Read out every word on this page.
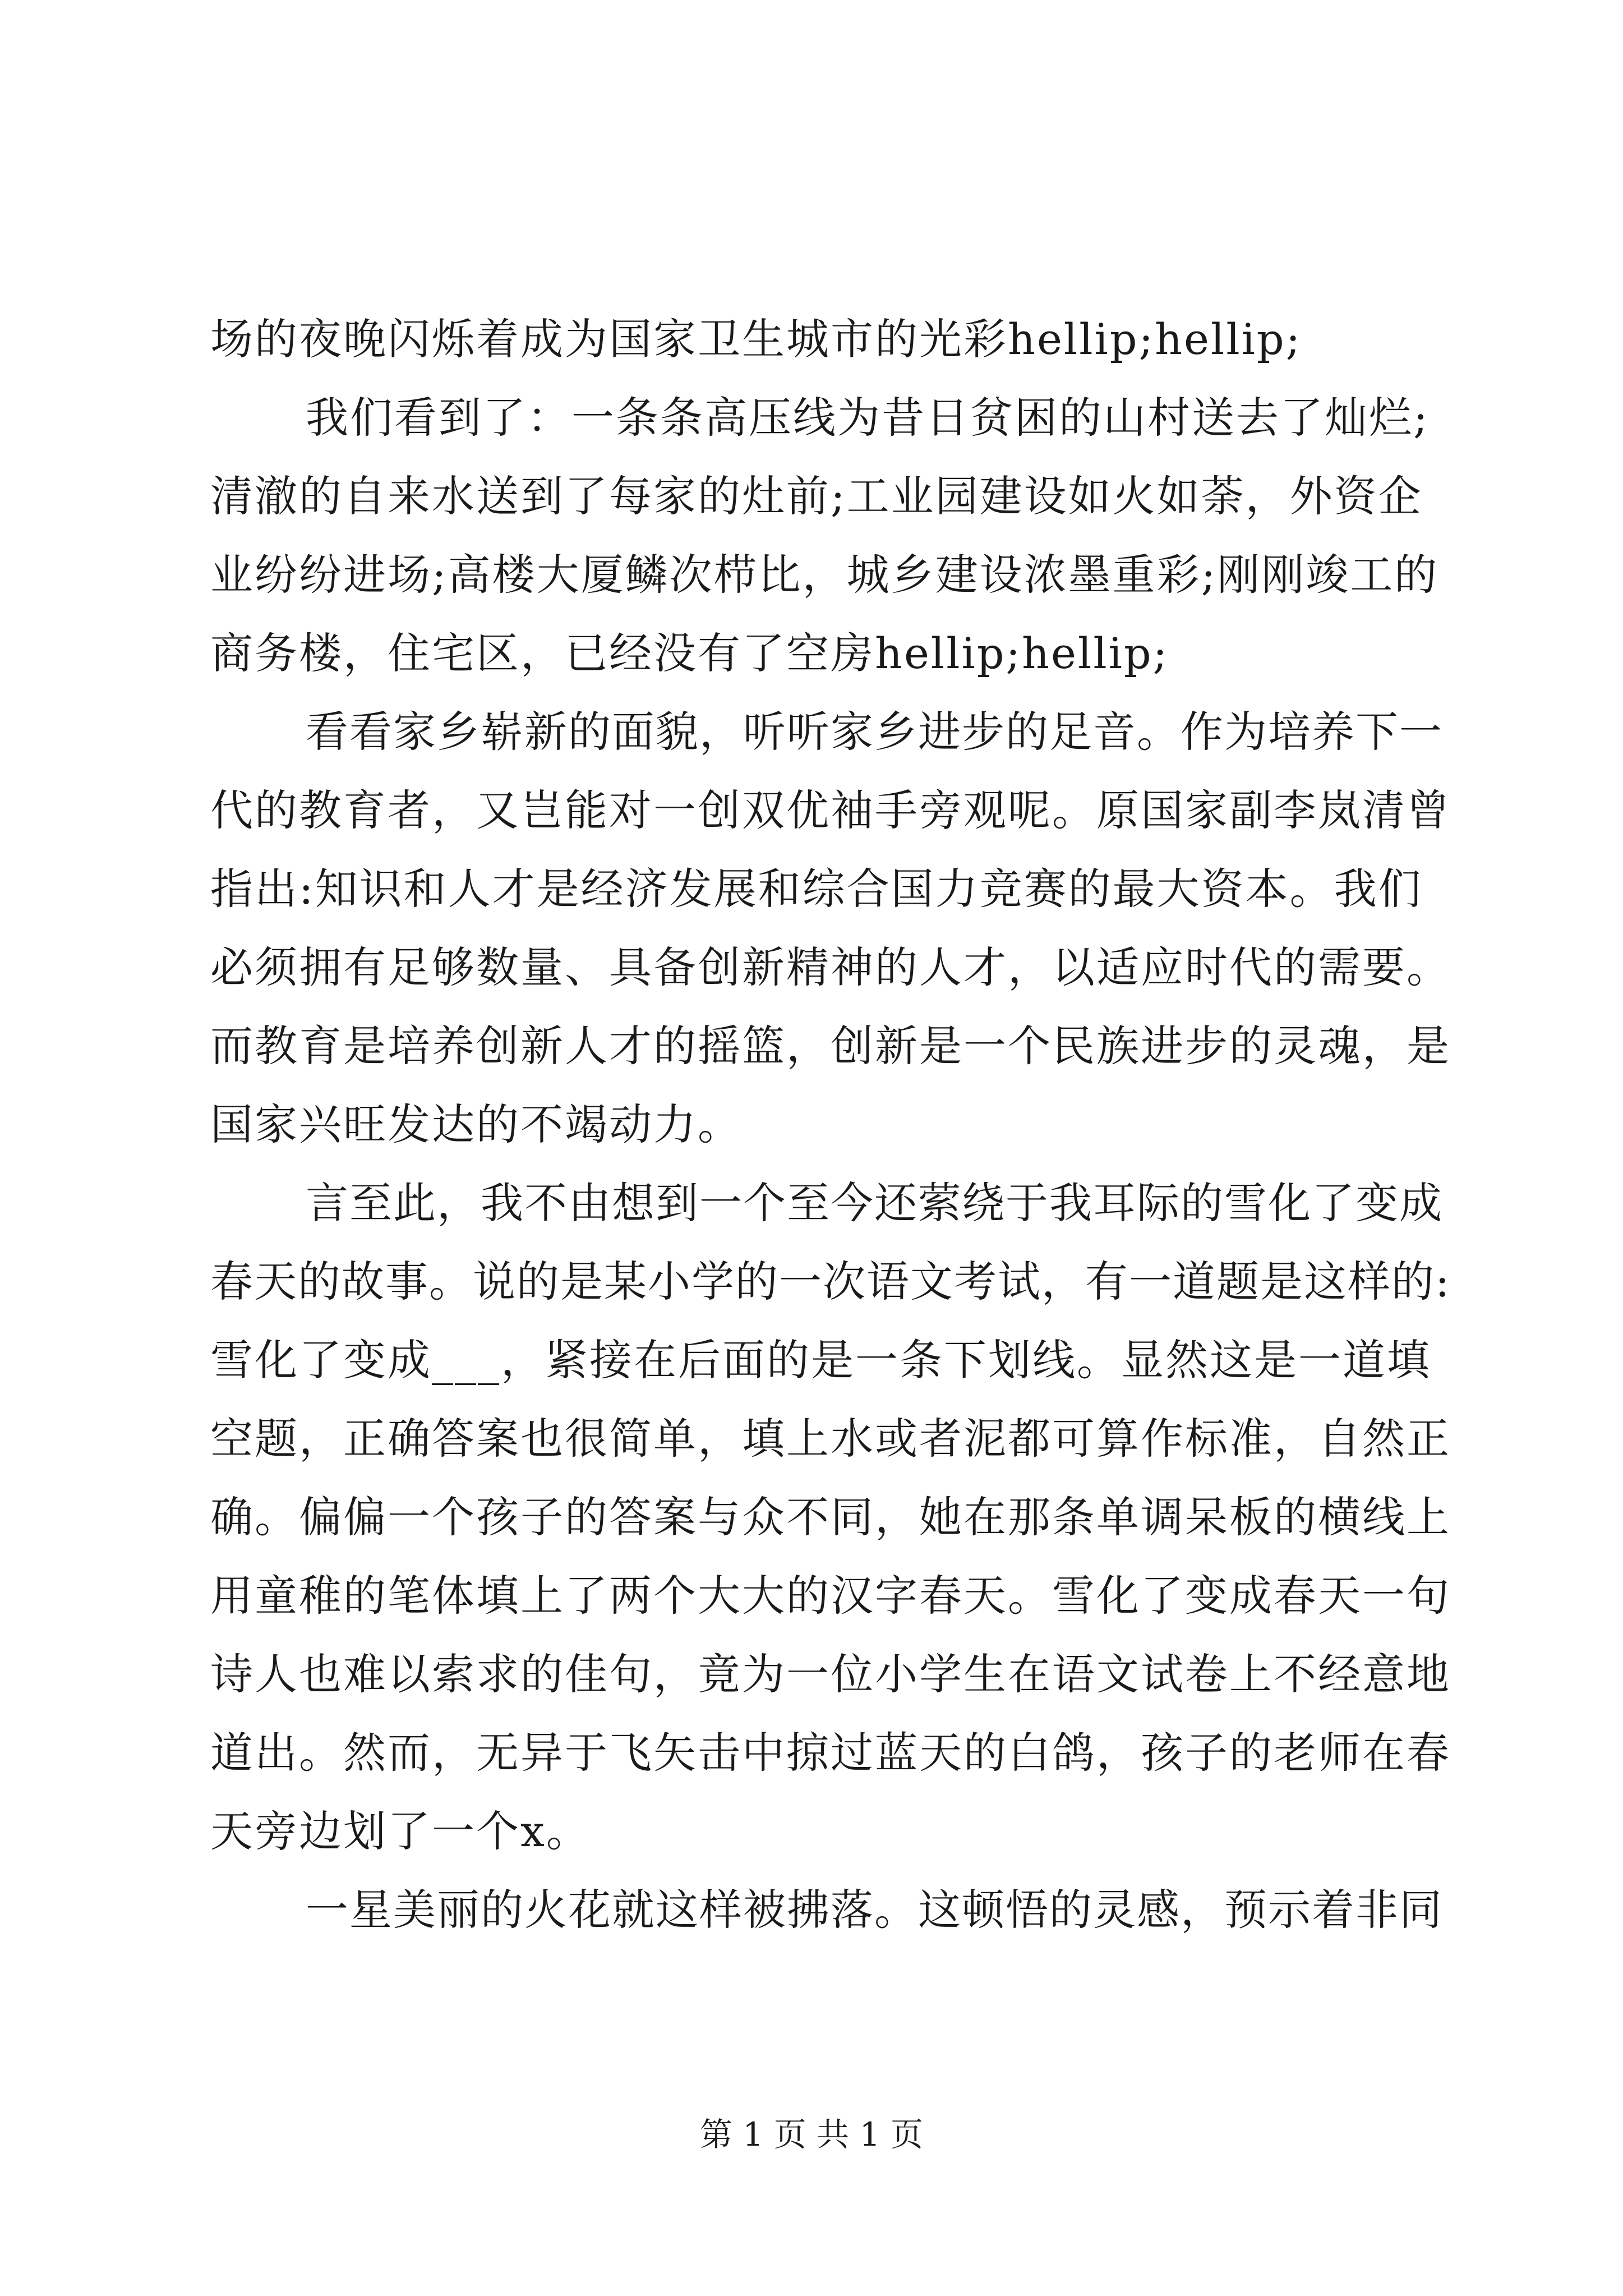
场的夜晚闪烁着成为国家卫生城市的光彩hellip;hellip;
我们看到了：一条条高压线为昔日贫困的山村送去了灿烂;
清澈的自来水送到了每家的灶前;工业园建设如火如荼，外资企
业纷纷进场;高楼大厦鳞次栉比，城乡建设浓墨重彩;刚刚竣工的
商务楼，住宅区，已经没有了空房hellip;hellip;
看看家乡崭新的面貌，听听家乡进步的足音。作为培养下一
代的教育者，又岂能对一创双优袖手旁观呢。原国家副李岚清曾
指出:知识和人才是经济发展和综合国力竞赛的最大资本。我们
必须拥有足够数量、具备创新精神的人才，以适应时代的需要。
而教育是培养创新人才的摇篮，创新是一个民族进步的灵魂，是
国家兴旺发达的不竭动力。
言至此，我不由想到一个至今还萦绕于我耳际的雪化了变成
春天的故事。说的是某小学的一次语文考试，有一道题是这样的:
雪化了变成___，紧接在后面的是一条下划线。显然这是一道填
空题，正确答案也很简单，填上水或者泥都可算作标准，自然正
确。偏偏一个孩子的答案与众不同，她在那条单调呆板的横线上
用童稚的笔体填上了两个大大的汉字春天。雪化了变成春天一句
诗人也难以索求的佳句，竟为一位小学生在语文试卷上不经意地
道出。然而，无异于飞矢击中掠过蓝天的白鸽，孩子的老师在春
天旁边划了一个x。
一星美丽的火花就这样被拂落。这顿悟的灵感，预示着非同
第 1 页 共 1 页
